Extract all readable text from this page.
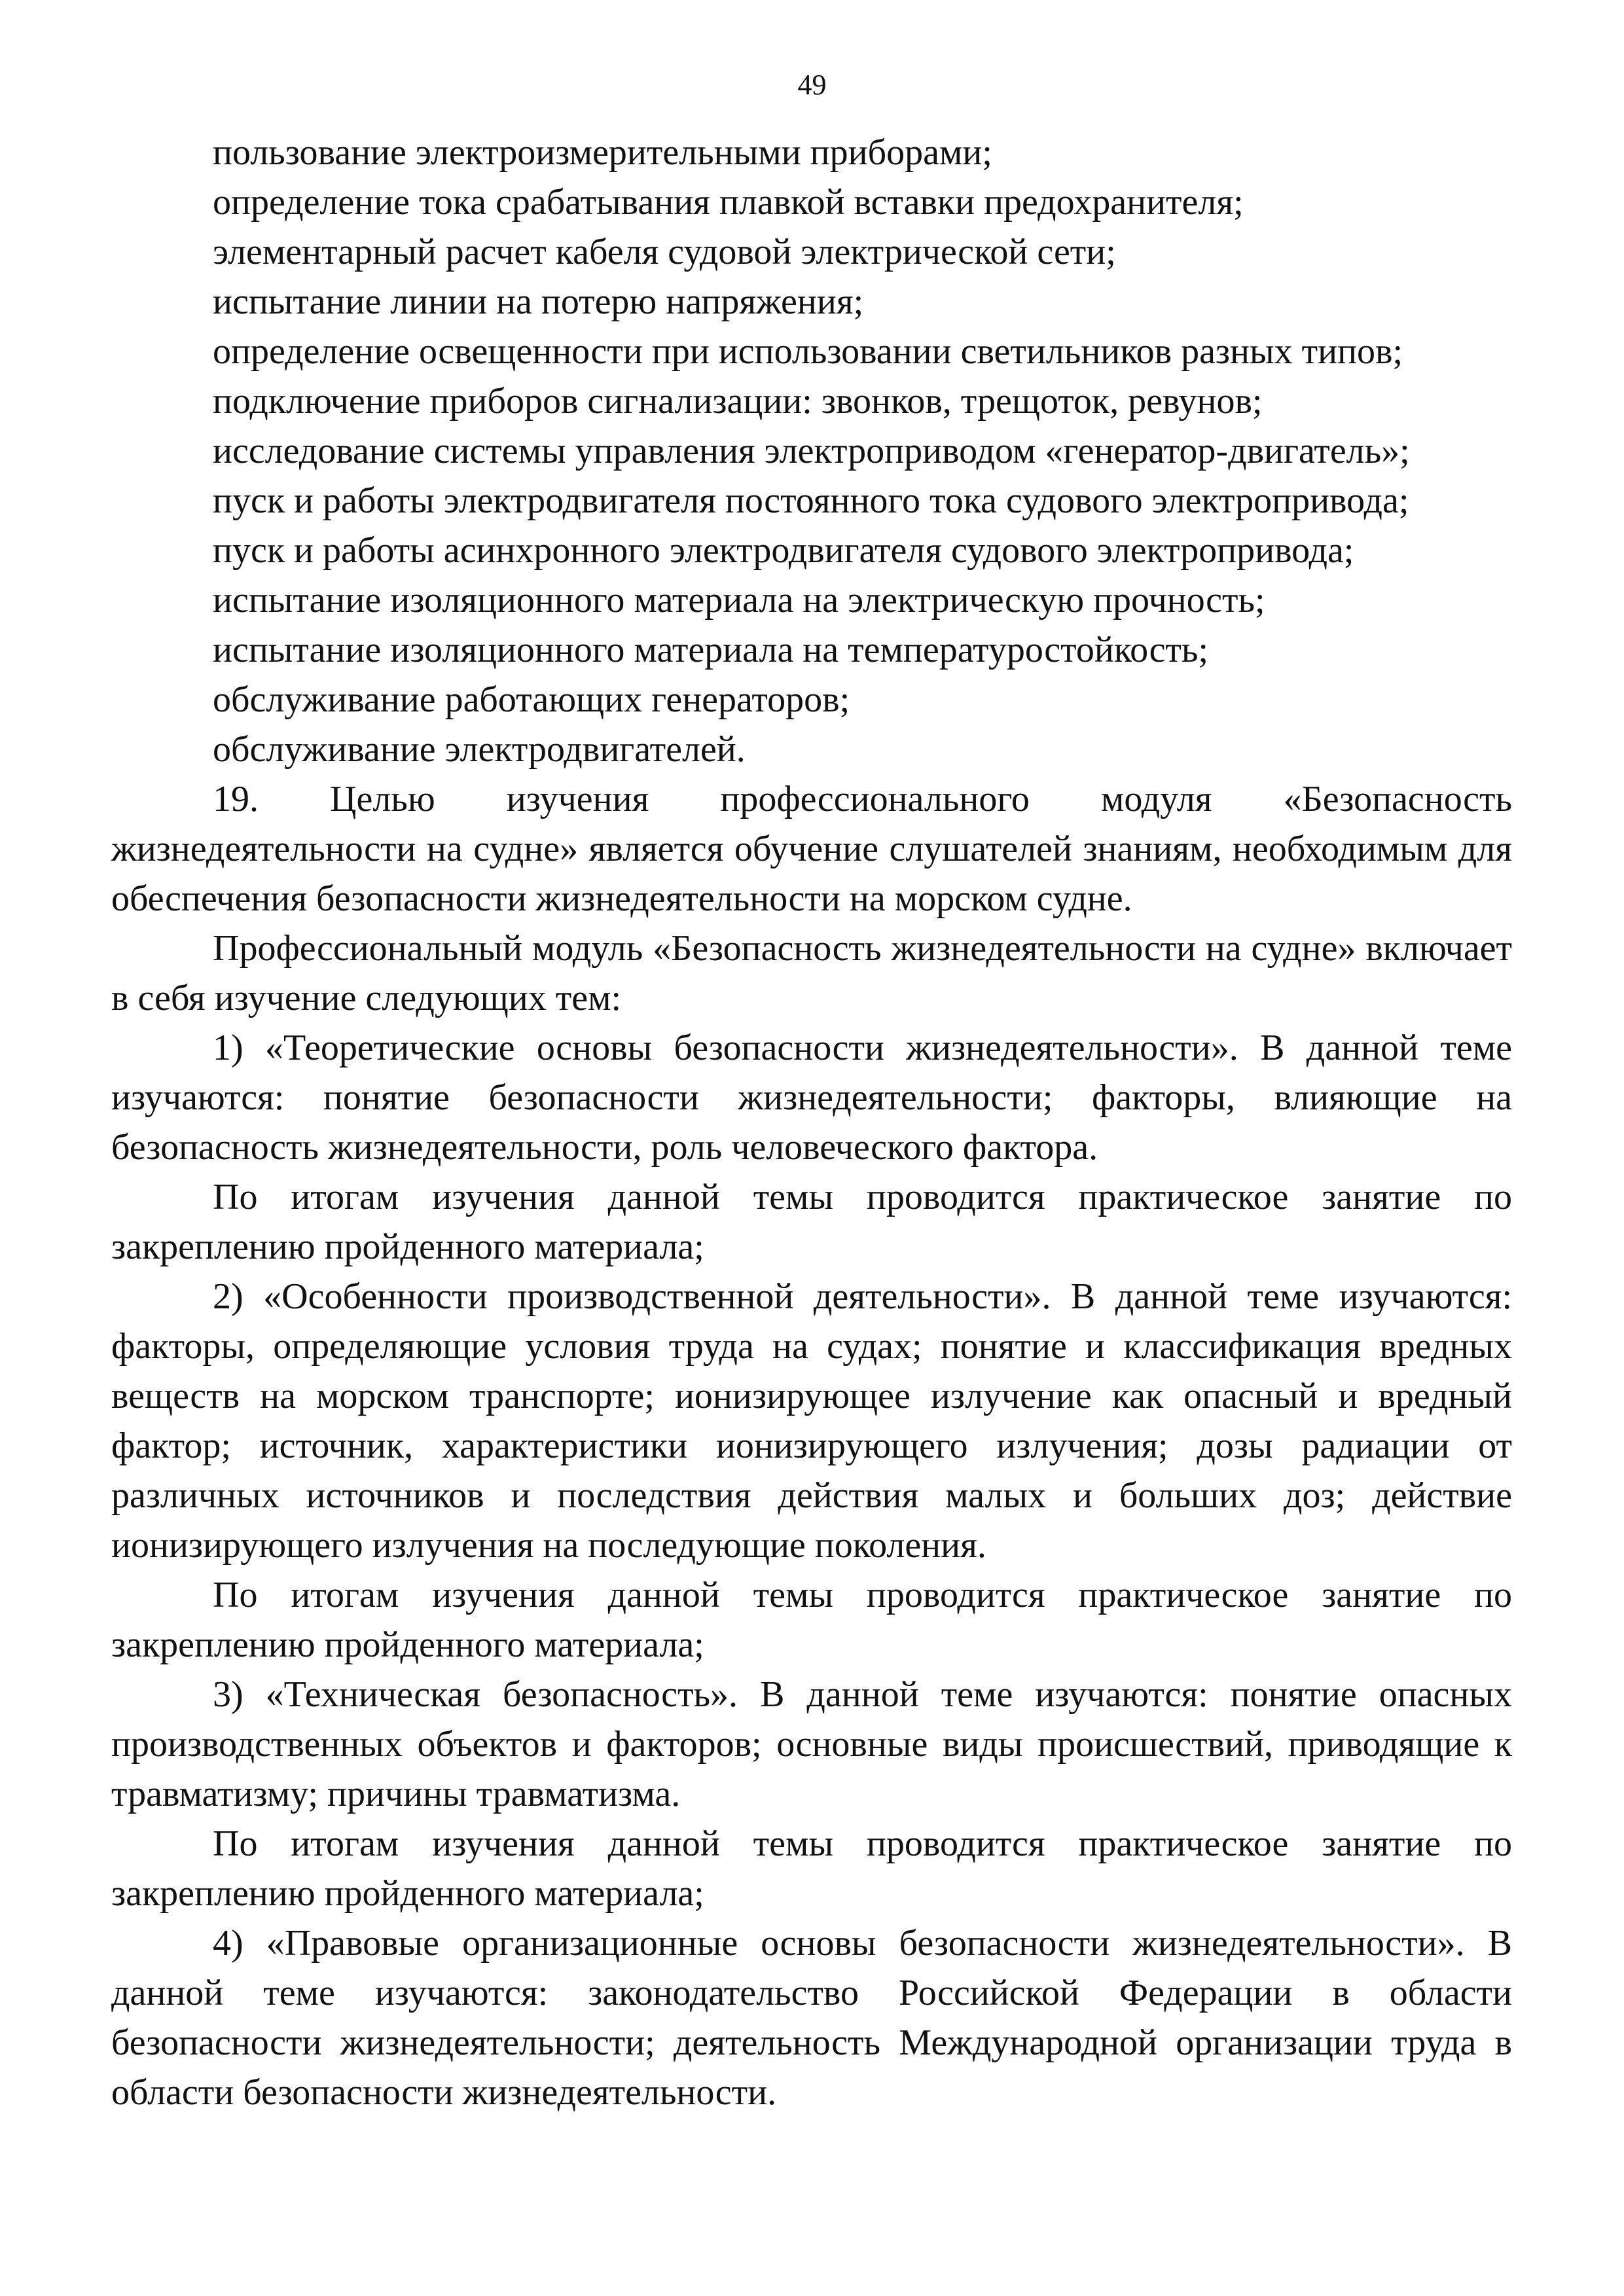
49
пользование электроизмерительными приборами;
определение тока срабатывания плавкой вставки предохранителя;
элементарный расчет кабеля судовой электрической сети;
испытание линии на потерю напряжения;
определение освещенности при использовании светильников разных типов;
подключение приборов сигнализации: звонков, трещоток, ревунов;
исследование системы управления электроприводом «генератор-двигатель»;
пуск и работы электродвигателя постоянного тока судового электропривода;
пуск и работы асинхронного электродвигателя судового электропривода;
испытание изоляционного материала на электрическую прочность;
испытание изоляционного материала на температуростойкость;
обслуживание работающих генераторов;
обслуживание электродвигателей.

19. Целью изучения профессионального модуля «Безопасность жизнедеятельности на судне» является обучение слушателей знаниям, необходимым для обеспечения безопасности жизнедеятельности на морском судне.

Профессиональный модуль «Безопасность жизнедеятельности на судне» включает в себя изучение следующих тем:

1) «Теоретические основы безопасности жизнедеятельности». В данной теме изучаются: понятие безопасности жизнедеятельности; факторы, влияющие на безопасность жизнедеятельности, роль человеческого фактора.

По итогам изучения данной темы проводится практическое занятие по закреплению пройденного материала;

2) «Особенности производственной деятельности». В данной теме изучаются: факторы, определяющие условия труда на судах; понятие и классификация вредных веществ на морском транспорте; ионизирующее излучение как опасный и вредный фактор; источник, характеристики ионизирующего излучения; дозы радиации от различных источников и последствия действия малых и больших доз; действие ионизирующего излучения на последующие поколения.

По итогам изучения данной темы проводится практическое занятие по закреплению пройденного материала;

3) «Техническая безопасность». В данной теме изучаются: понятие опасных производственных объектов и факторов; основные виды происшествий, приводящие к травматизму; причины травматизма.

По итогам изучения данной темы проводится практическое занятие по закреплению пройденного материала;

4) «Правовые организационные основы безопасности жизнедеятельности». В данной теме изучаются: законодательство Российской Федерации в области безопасности жизнедеятельности; деятельность Международной организации труда в области безопасности жизнедеятельности.
